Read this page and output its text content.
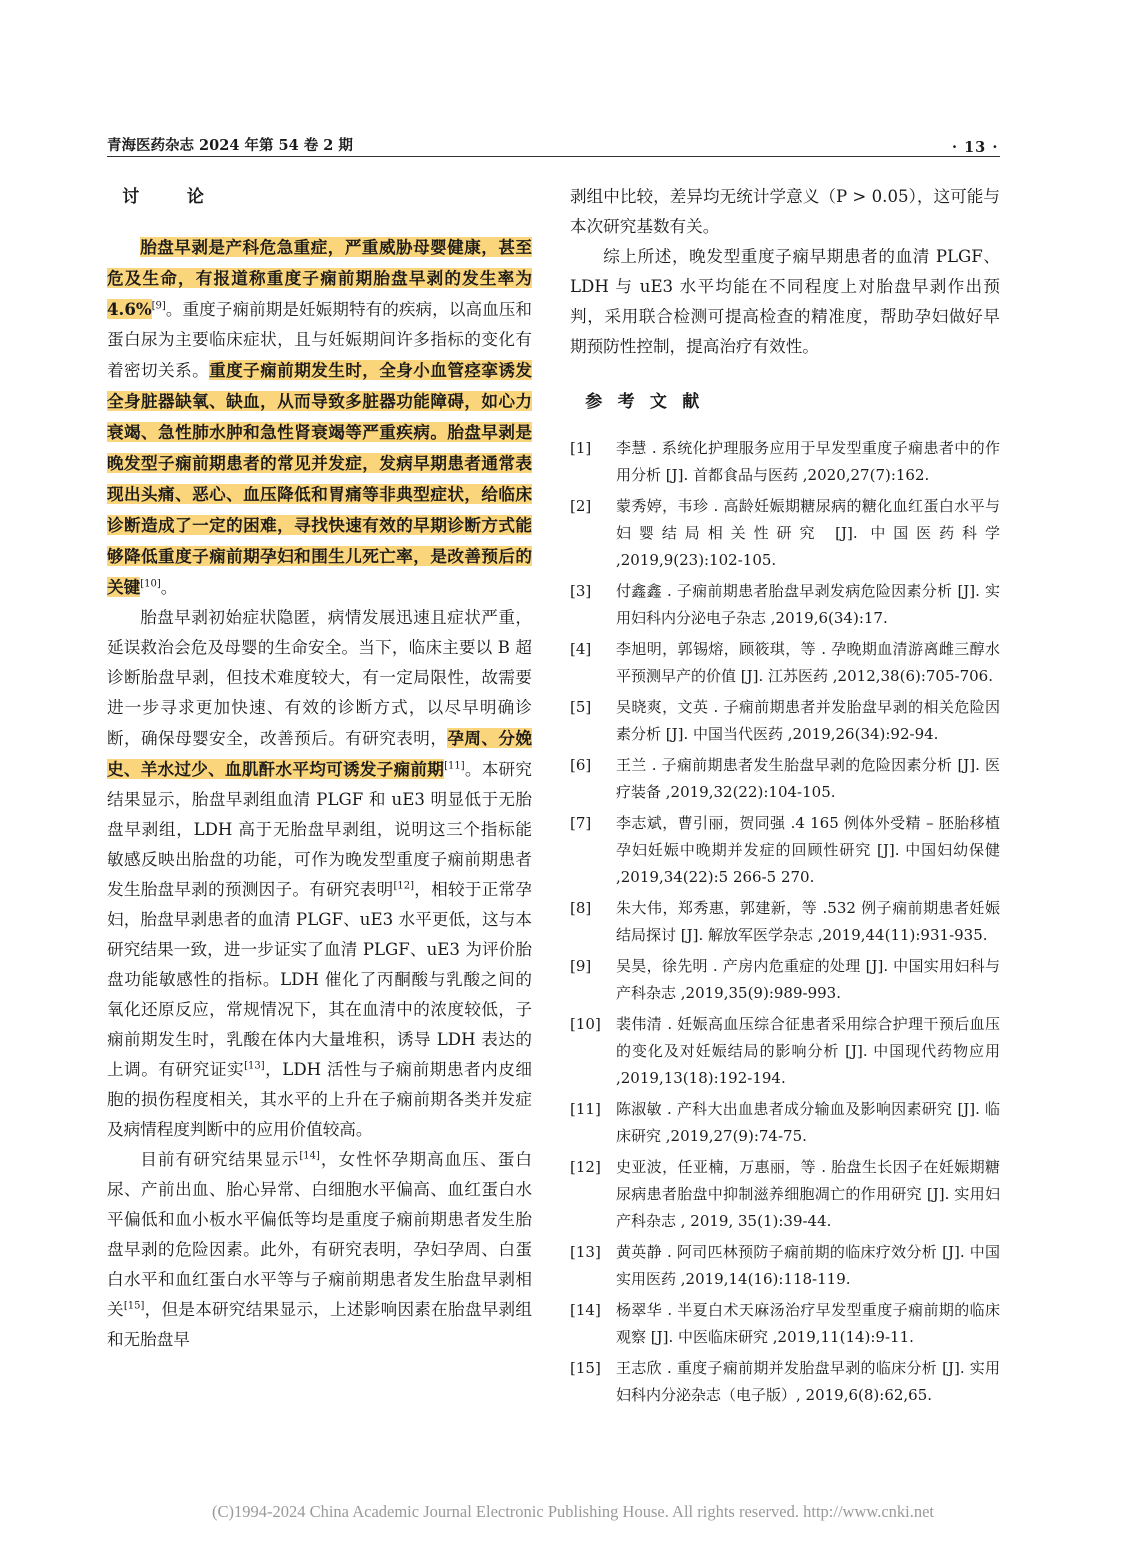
青海医药杂志 2024 年第 54 卷 2 期	· 13 ·

讨　论

胎盘早剥是产科危急重症，严重威胁母婴健康，甚至危及生命，有报道称重度子痫前期胎盘早剥的发生率为 4.6%[9]。重度子痫前期是妊娠期特有的疾病，以高血压和蛋白尿为主要临床症状，且与妊娠期间许多指标的变化有着密切关系。重度子痫前期发生时，全身小血管痉挛诱发全身脏器缺氧、缺血，从而导致多脏器功能障碍，如心力衰竭、急性肺水肿和急性肾衰竭等严重疾病。胎盘早剥是晚发型子痫前期患者的常见并发症，发病早期患者通常表现出头痛、恶心、血压降低和胃痛等非典型症状，给临床诊断造成了一定的困难，寻找快速有效的早期诊断方式能够降低重度子痫前期孕妇和围生儿死亡率，是改善预后的关键[10]。

胎盘早剥初始症状隐匿，病情发展迅速且症状严重，延误救治会危及母婴的生命安全。当下，临床主要以 B 超诊断胎盘早剥，但技术难度较大，有一定局限性，故需要进一步寻求更加快速、有效的诊断方式，以尽早明确诊断，确保母婴安全，改善预后。有研究表明，孕周、分娩史、羊水过少、血肌酐水平均可诱发子痫前期[11]。本研究结果显示，胎盘早剥组血清 PLGF 和 uE3 明显低于无胎盘早剥组，LDH 高于无胎盘早剥组，说明这三个指标能敏感反映出胎盘的功能，可作为晚发型重度子痫前期患者发生胎盘早剥的预测因子。有研究表明[12]，相较于正常孕妇，胎盘早剥患者的血清 PLGF、uE3 水平更低，这与本研究结果一致，进一步证实了血清 PLGF、uE3 为评价胎盘功能敏感性的指标。LDH 催化了丙酮酸与乳酸之间的氧化还原反应，常规情况下，其在血清中的浓度较低，子痫前期发生时，乳酸在体内大量堆积，诱导 LDH 表达的上调。有研究证实[13]，LDH 活性与子痫前期患者内皮细胞的损伤程度相关，其水平的上升在子痫前期各类并发症及病情程度判断中的应用价值较高。

目前有研究结果显示[14]，女性怀孕期高血压、蛋白尿、产前出血、胎心异常、白细胞水平偏高、血红蛋白水平偏低和血小板水平偏低等均是重度子痫前期患者发生胎盘早剥的危险因素。此外，有研究表明，孕妇孕周、白蛋白水平和血红蛋白水平等与子痫前期患者发生胎盘早剥相关[15]，但是本研究结果显示，上述影响因素在胎盘早剥组和无胎盘早

剥组中比较，差异均无统计学意义（P > 0.05），这可能与本次研究基数有关。

综上所述，晚发型重度子痫早期患者的血清 PLGF、LDH 与 uE3 水平均能在不同程度上对胎盘早剥作出预判，采用联合检测可提高检查的精准度，帮助孕妇做好早期预防性控制，提高治疗有效性。

参考文献

[1]	李慧 . 系统化护理服务应用于早发型重度子痫患者中的作用分析 [J]. 首都食品与医药 ,2020,27(7):162.
[2]	蒙秀婷，韦珍 . 高龄妊娠期糖尿病的糖化血红蛋白水平与妇婴结局相关性研究 [J]. 中国医药科学 ,2019,9(23):102-105.
[3]	付鑫鑫 . 子痫前期患者胎盘早剥发病危险因素分析 [J]. 实用妇科内分泌电子杂志 ,2019,6(34):17.
[4]	李旭明，郭锡熔，顾筱琪，等 . 孕晚期血清游离雌三醇水平预测早产的价值 [J]. 江苏医药 ,2012,38(6):705-706.
[5]	吴晓爽，文英 . 子痫前期患者并发胎盘早剥的相关危险因素分析 [J]. 中国当代医药 ,2019,26(34):92-94.
[6]	王兰 . 子痫前期患者发生胎盘早剥的危险因素分析 [J]. 医疗装备 ,2019,32(22):104-105.
[7]	李志斌，曹引丽，贺同强 .4 165 例体外受精 – 胚胎移植孕妇妊娠中晚期并发症的回顾性研究 [J]. 中国妇幼保健 ,2019,34(22):5 266-5 270.
[8]	朱大伟，郑秀惠，郭建新，等 .532 例子痫前期患者妊娠结局探讨 [J]. 解放军医学杂志 ,2019,44(11):931-935.
[9]	吴昊，徐先明 . 产房内危重症的处理 [J]. 中国实用妇科与产科杂志 ,2019,35(9):989-993.
[10]	裴伟清 . 妊娠高血压综合征患者采用综合护理干预后血压的变化及对妊娠结局的影响分析 [J]. 中国现代药物应用 ,2019,13(18):192-194.
[11]	陈淑敏 . 产科大出血患者成分输血及影响因素研究 [J]. 临床研究 ,2019,27(9):74-75.
[12]	史亚波，任亚楠，万惠丽，等 . 胎盘生长因子在妊娠期糖尿病患者胎盘中抑制滋养细胞凋亡的作用研究 [J]. 实用妇产科杂志 , 2019, 35(1):39-44.
[13]	黄英静 . 阿司匹林预防子痫前期的临床疗效分析 [J]. 中国实用医药 ,2019,14(16):118-119.
[14]	杨翠华 . 半夏白术天麻汤治疗早发型重度子痫前期的临床观察 [J]. 中医临床研究 ,2019,11(14):9-11.
[15]	王志欣 . 重度子痫前期并发胎盘早剥的临床分析 [J]. 实用妇科内分泌杂志（电子版）, 2019,6(8):62,65.
(C)1994-2024 China Academic Journal Electronic Publishing House. All rights reserved. http://www.cnki.net
